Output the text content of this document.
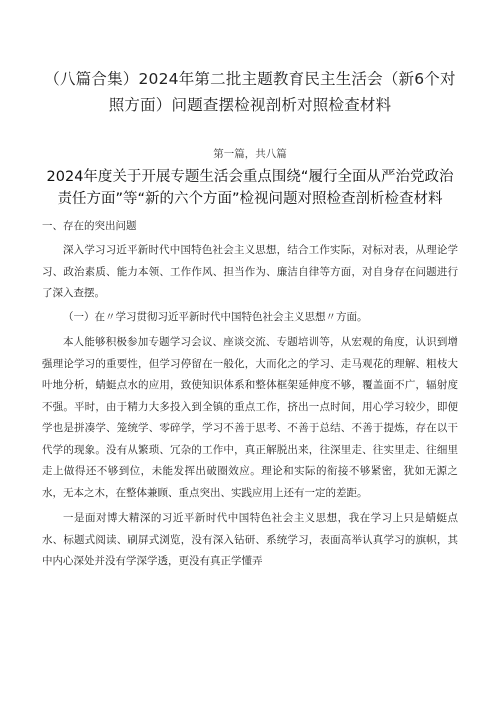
（八篇合集）2024年第二批主题教育民主生活会（新6个对照方面）问题查摆检视剖析对照检查材料
第一篇，共八篇
2024年度关于开展专题生活会重点围绕“履行全面从严治党政治责任方面”等“新的六个方面”检视问题对照检查剖析检查材料
一、存在的突出问题

深入学习习近平新时代中国特色社会主义思想，结合工作实际，对标对表，从理论学习、政治素质、能力本领、工作作风、担当作为、廉洁自律等方面，对自身存在问题进行了深入查摆。

（一）在〃学习贯彻习近平新时代中国特色社会主义思想〃方面。

本人能够积极参加专题学习会议、座谈交流、专题培训等，从宏观的角度，认识到增强理论学习的重要性，但学习停留在一般化，大而化之的学习、走马观花的理解、粗枝大叶地分析，蜻蜓点水的应用，致使知识体系和整体框架延伸度不够，覆盖面不广，辐射度不强。平时，由于精力大多投入到全镇的重点工作，挤出一点时间，用心学习较少，即便学也是拼凑学、笼统学、零碎学，学习不善于思考、不善于总结、不善于提炼，存在以干代学的现象。没有从繁琐、冗杂的工作中，真正解脱出来，往深里走、往实里走、往细里走上做得还不够到位，未能发挥出破圈效应。理论和实际的衔接不够紧密，犹如无源之水，无本之木，在整体兼顾、重点突出、实践应用上还有一定的差距。

一是面对博大精深的习近平新时代中国特色社会主义思想，我在学习上只是蜻蜓点水、标题式阅读、刷屏式浏览，没有深入钻研、系统学习，表面高举认真学习的旗帜，其中内心深处并没有学深学透，更没有真正学懂弄
